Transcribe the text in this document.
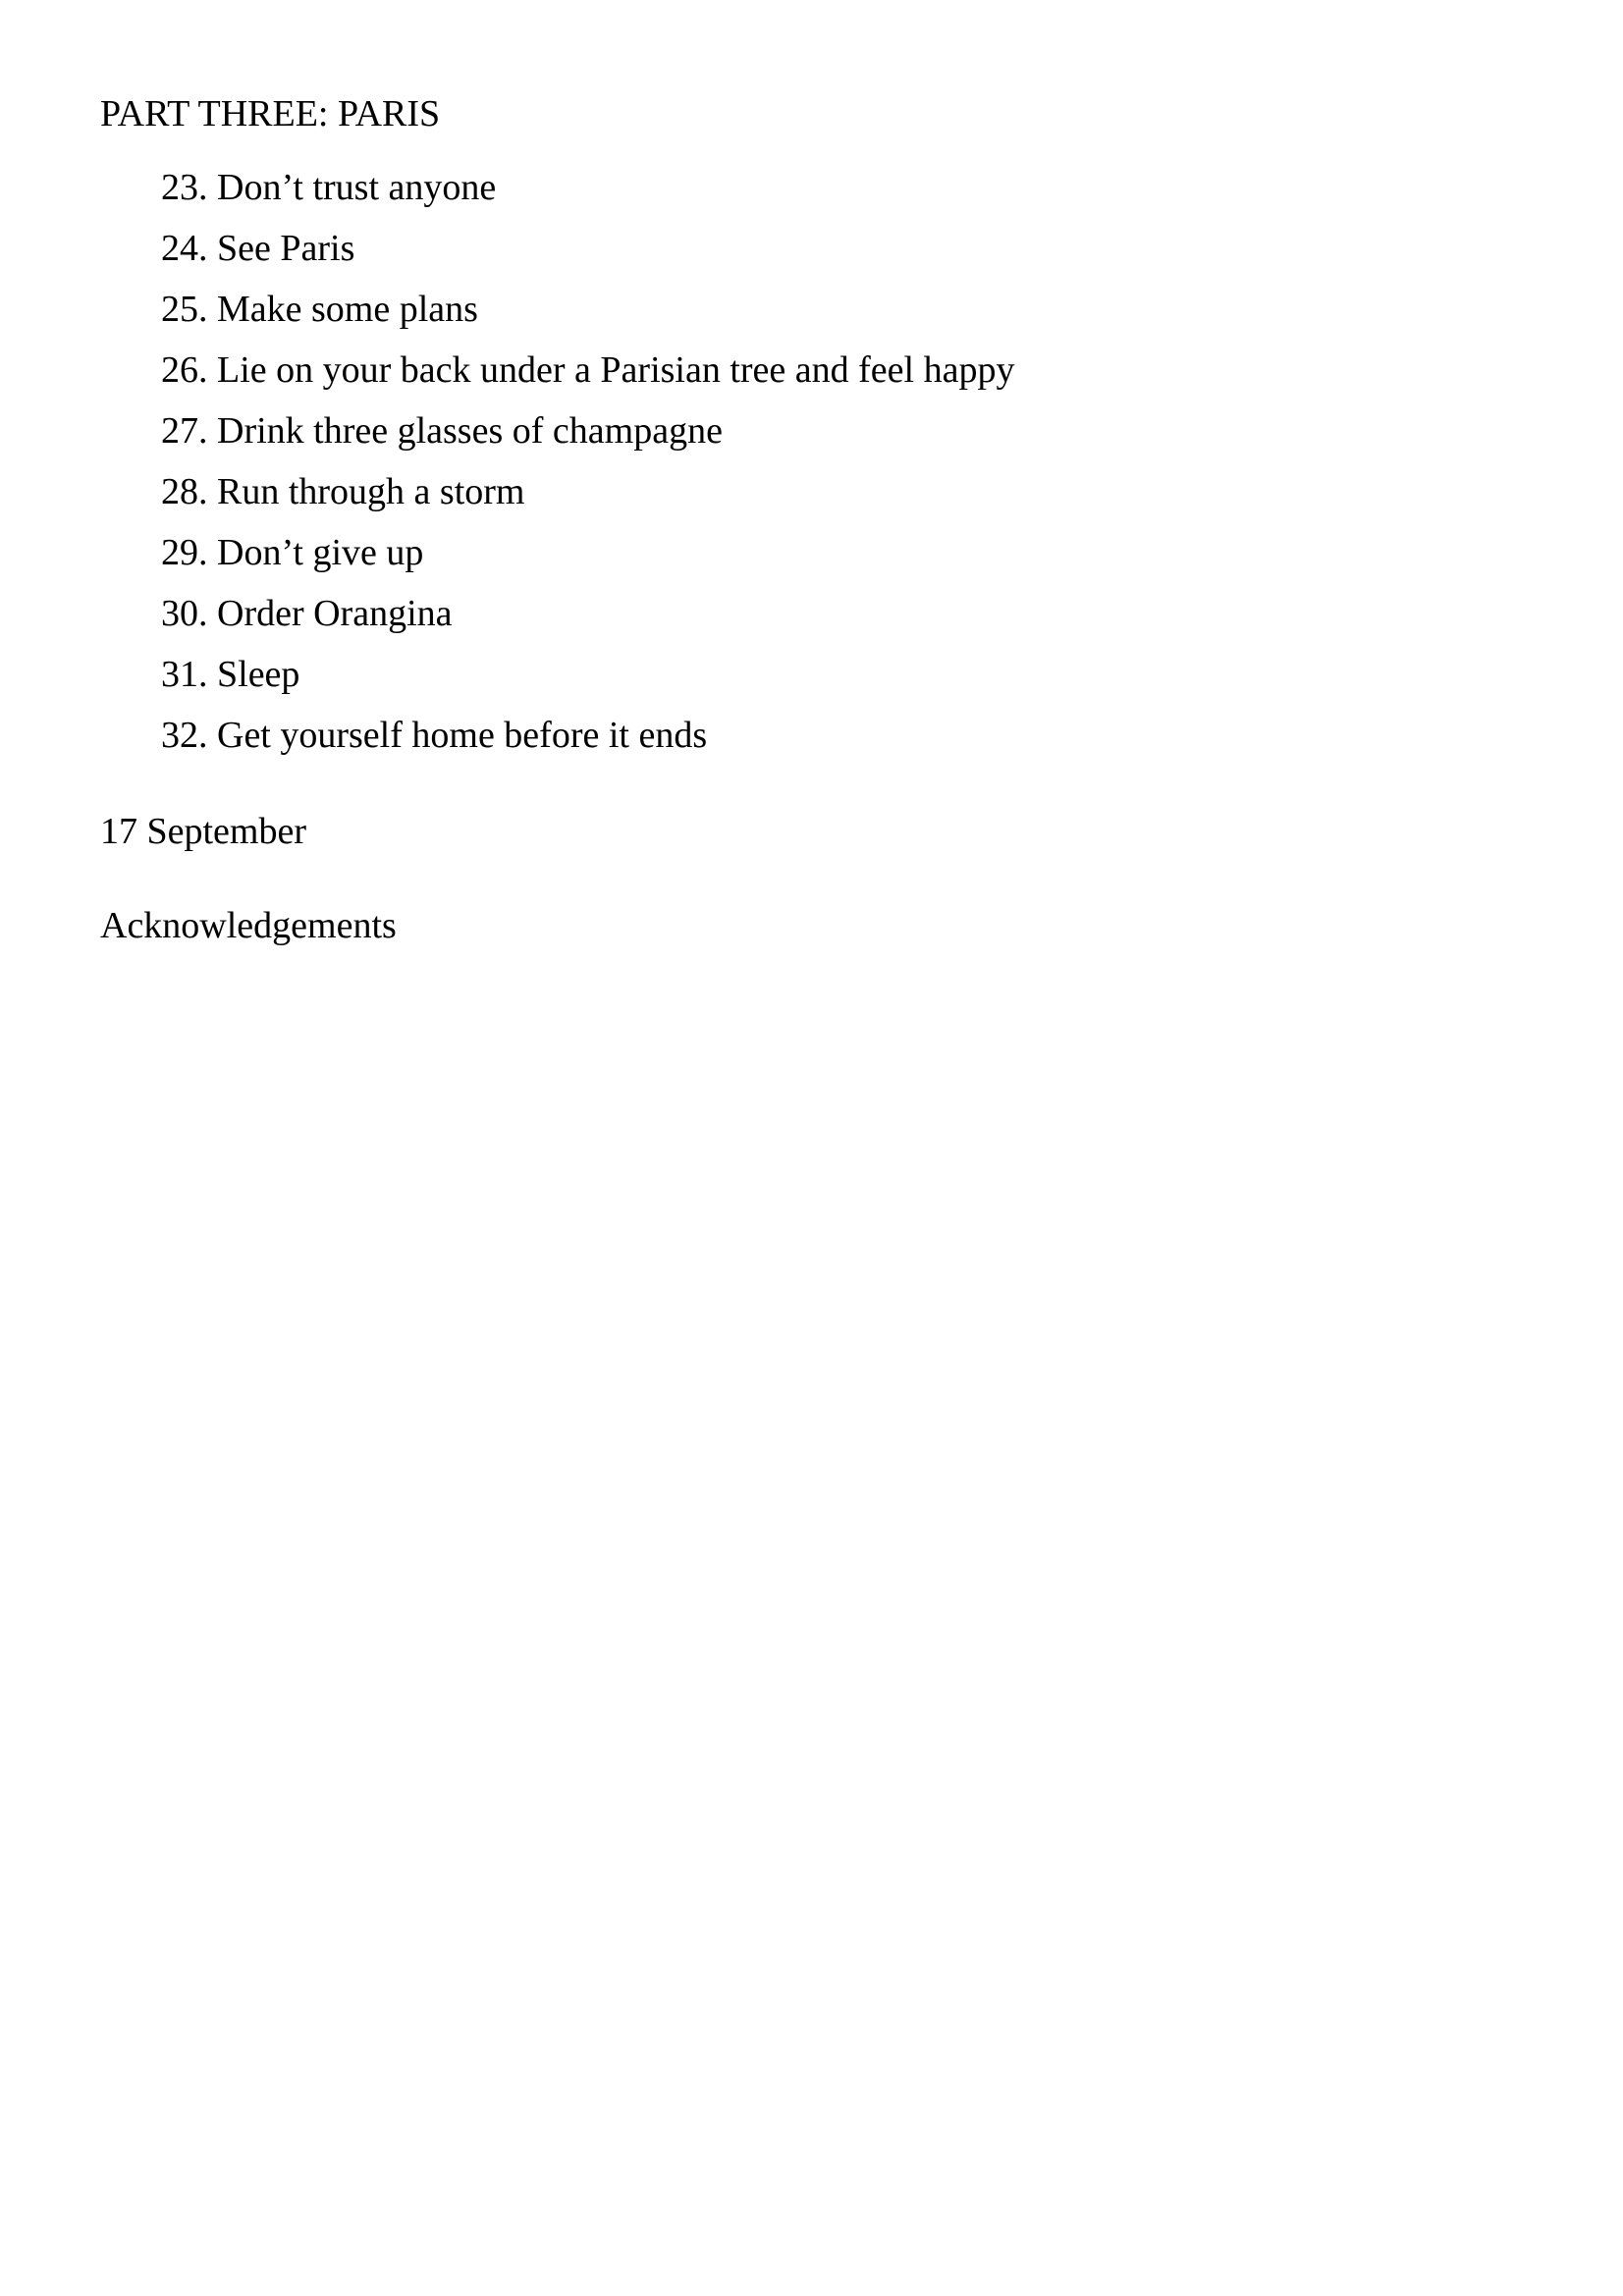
PART THREE: PARIS
23. Don’t trust anyone
24. See Paris
25. Make some plans
26. Lie on your back under a Parisian tree and feel happy
27. Drink three glasses of champagne
28. Run through a storm
29. Don’t give up
30. Order Orangina
31. Sleep
32. Get yourself home before it ends

17 September

Acknowledgements
